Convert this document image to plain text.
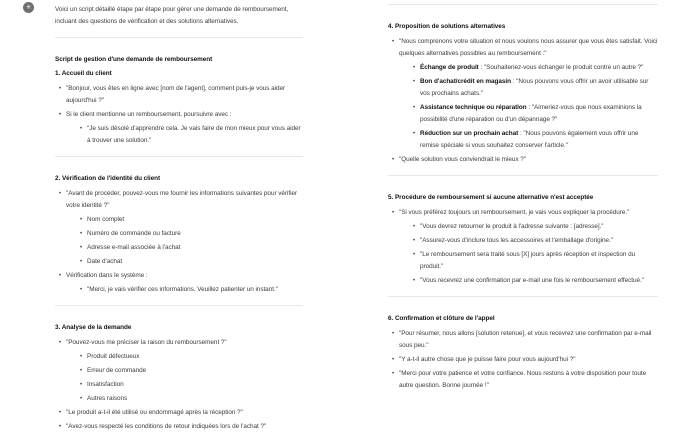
✳	Voici un script détaillé étape par étape pour gérer une demande de remboursement, incluant des questions de vérification et des solutions alternatives.

Script de gestion d'une demande de remboursement
1. Accueil du client
• "Bonjour, vous êtes en ligne avec [nom de l'agent], comment puis-je vous aider aujourd'hui ?"
• Si le client mentionne un remboursement, poursuivre avec :
• "Je suis désolé d'apprendre cela. Je vais faire de mon mieux pour vous aider à trouver une solution."
2. Vérification de l'identité du client
• "Avant de procéder, pouvez-vous me fournir les informations suivantes pour vérifier votre identité ?"
• Nom complet
• Numéro de commande ou facture
• Adresse e-mail associée à l'achat
• Date d'achat
• Vérification dans le système :
• "Merci, je vais vérifier ces informations. Veuillez patienter un instant."
3. Analyse de la demande
• "Pouvez-vous me préciser la raison du remboursement ?"
• Produit défectueux
• Erreur de commande
• Insatisfaction
• Autres raisons
• "Le produit a-t-il été utilisé ou endommagé après la réception ?"
• "Avez-vous respecté les conditions de retour indiquées lors de l'achat ?"
4. Proposition de solutions alternatives
• "Nous comprenons votre situation et nous voulons nous assurer que vous êtes satisfait. Voici quelques alternatives possibles au remboursement :"
• Échange de produit : "Souhaiteriez-vous échanger le produit contre un autre ?"
• Bon d'achat/crédit en magasin : "Nous pouvons vous offrir un avoir utilisable sur vos prochains achats."
• Assistance technique ou réparation : "Aimeriez-vous que nous examinions la possibilité d'une réparation ou d'un dépannage ?"
• Réduction sur un prochain achat : "Nous pouvons également vous offrir une remise spéciale si vous souhaitez conserver l'article."
• "Quelle solution vous conviendrait le mieux ?"
5. Procédure de remboursement si aucune alternative n'est acceptée
• "Si vous préférez toujours un remboursement, je vais vous expliquer la procédure."
• "Vous devrez retourner le produit à l'adresse suivante : [adresse]."
• "Assurez-vous d'inclure tous les accessoires et l'emballage d'origine."
• "Le remboursement sera traité sous [X] jours après réception et inspection du produit."
• "Vous recevrez une confirmation par e-mail une fois le remboursement effectué."
6. Confirmation et clôture de l'appel
• "Pour résumer, nous allons [solution retenue], et vous recevrez une confirmation par e-mail sous peu."
• "Y a-t-il autre chose que je puisse faire pour vous aujourd'hui ?"
• "Merci pour votre patience et votre confiance. Nous restons à votre disposition pour toute autre question. Bonne journée !"
